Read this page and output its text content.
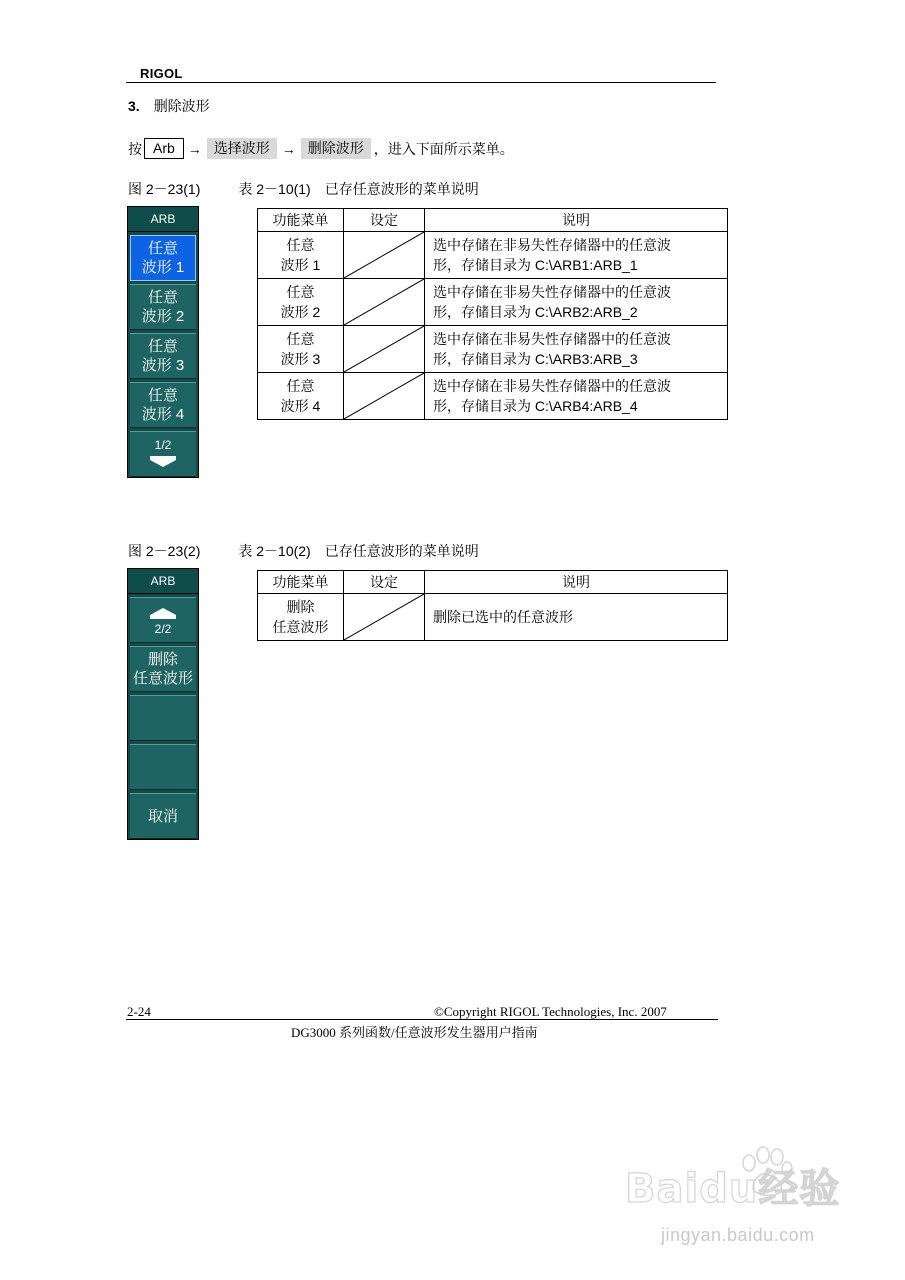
RIGOL
3. 删除波形
按 Arb → 选择波形 → 删除波形 ，进入下面所示菜单。
图 2－23(1)	表 2－10(1) 已存任意波形的菜单说明
ARB
任意
波形 1
任意
波形 2
任意
波形 3
任意
波形 4
1/2
功能菜单	设定	说明
任意
波形 1		选中存储在非易失性存储器中的任意波
形，存储目录为 C:\ARB1:ARB_1
任意
波形 2		选中存储在非易失性存储器中的任意波
形，存储目录为 C:\ARB2:ARB_2
任意
波形 3		选中存储在非易失性存储器中的任意波
形，存储目录为 C:\ARB3:ARB_3
任意
波形 4		选中存储在非易失性存储器中的任意波
形，存储目录为 C:\ARB4:ARB_4
图 2－23(2)	表 2－10(2) 已存任意波形的菜单说明
ARB
2/2
删除
任意波形
取消
功能菜单	设定	说明
删除
任意波形		删除已选中的任意波形
2-24	©Copyright RIGOL Technologies, Inc. 2007
DG3000 系列函数/任意波形发生器用户指南
Baidu经验
jingyan.baidu.com
